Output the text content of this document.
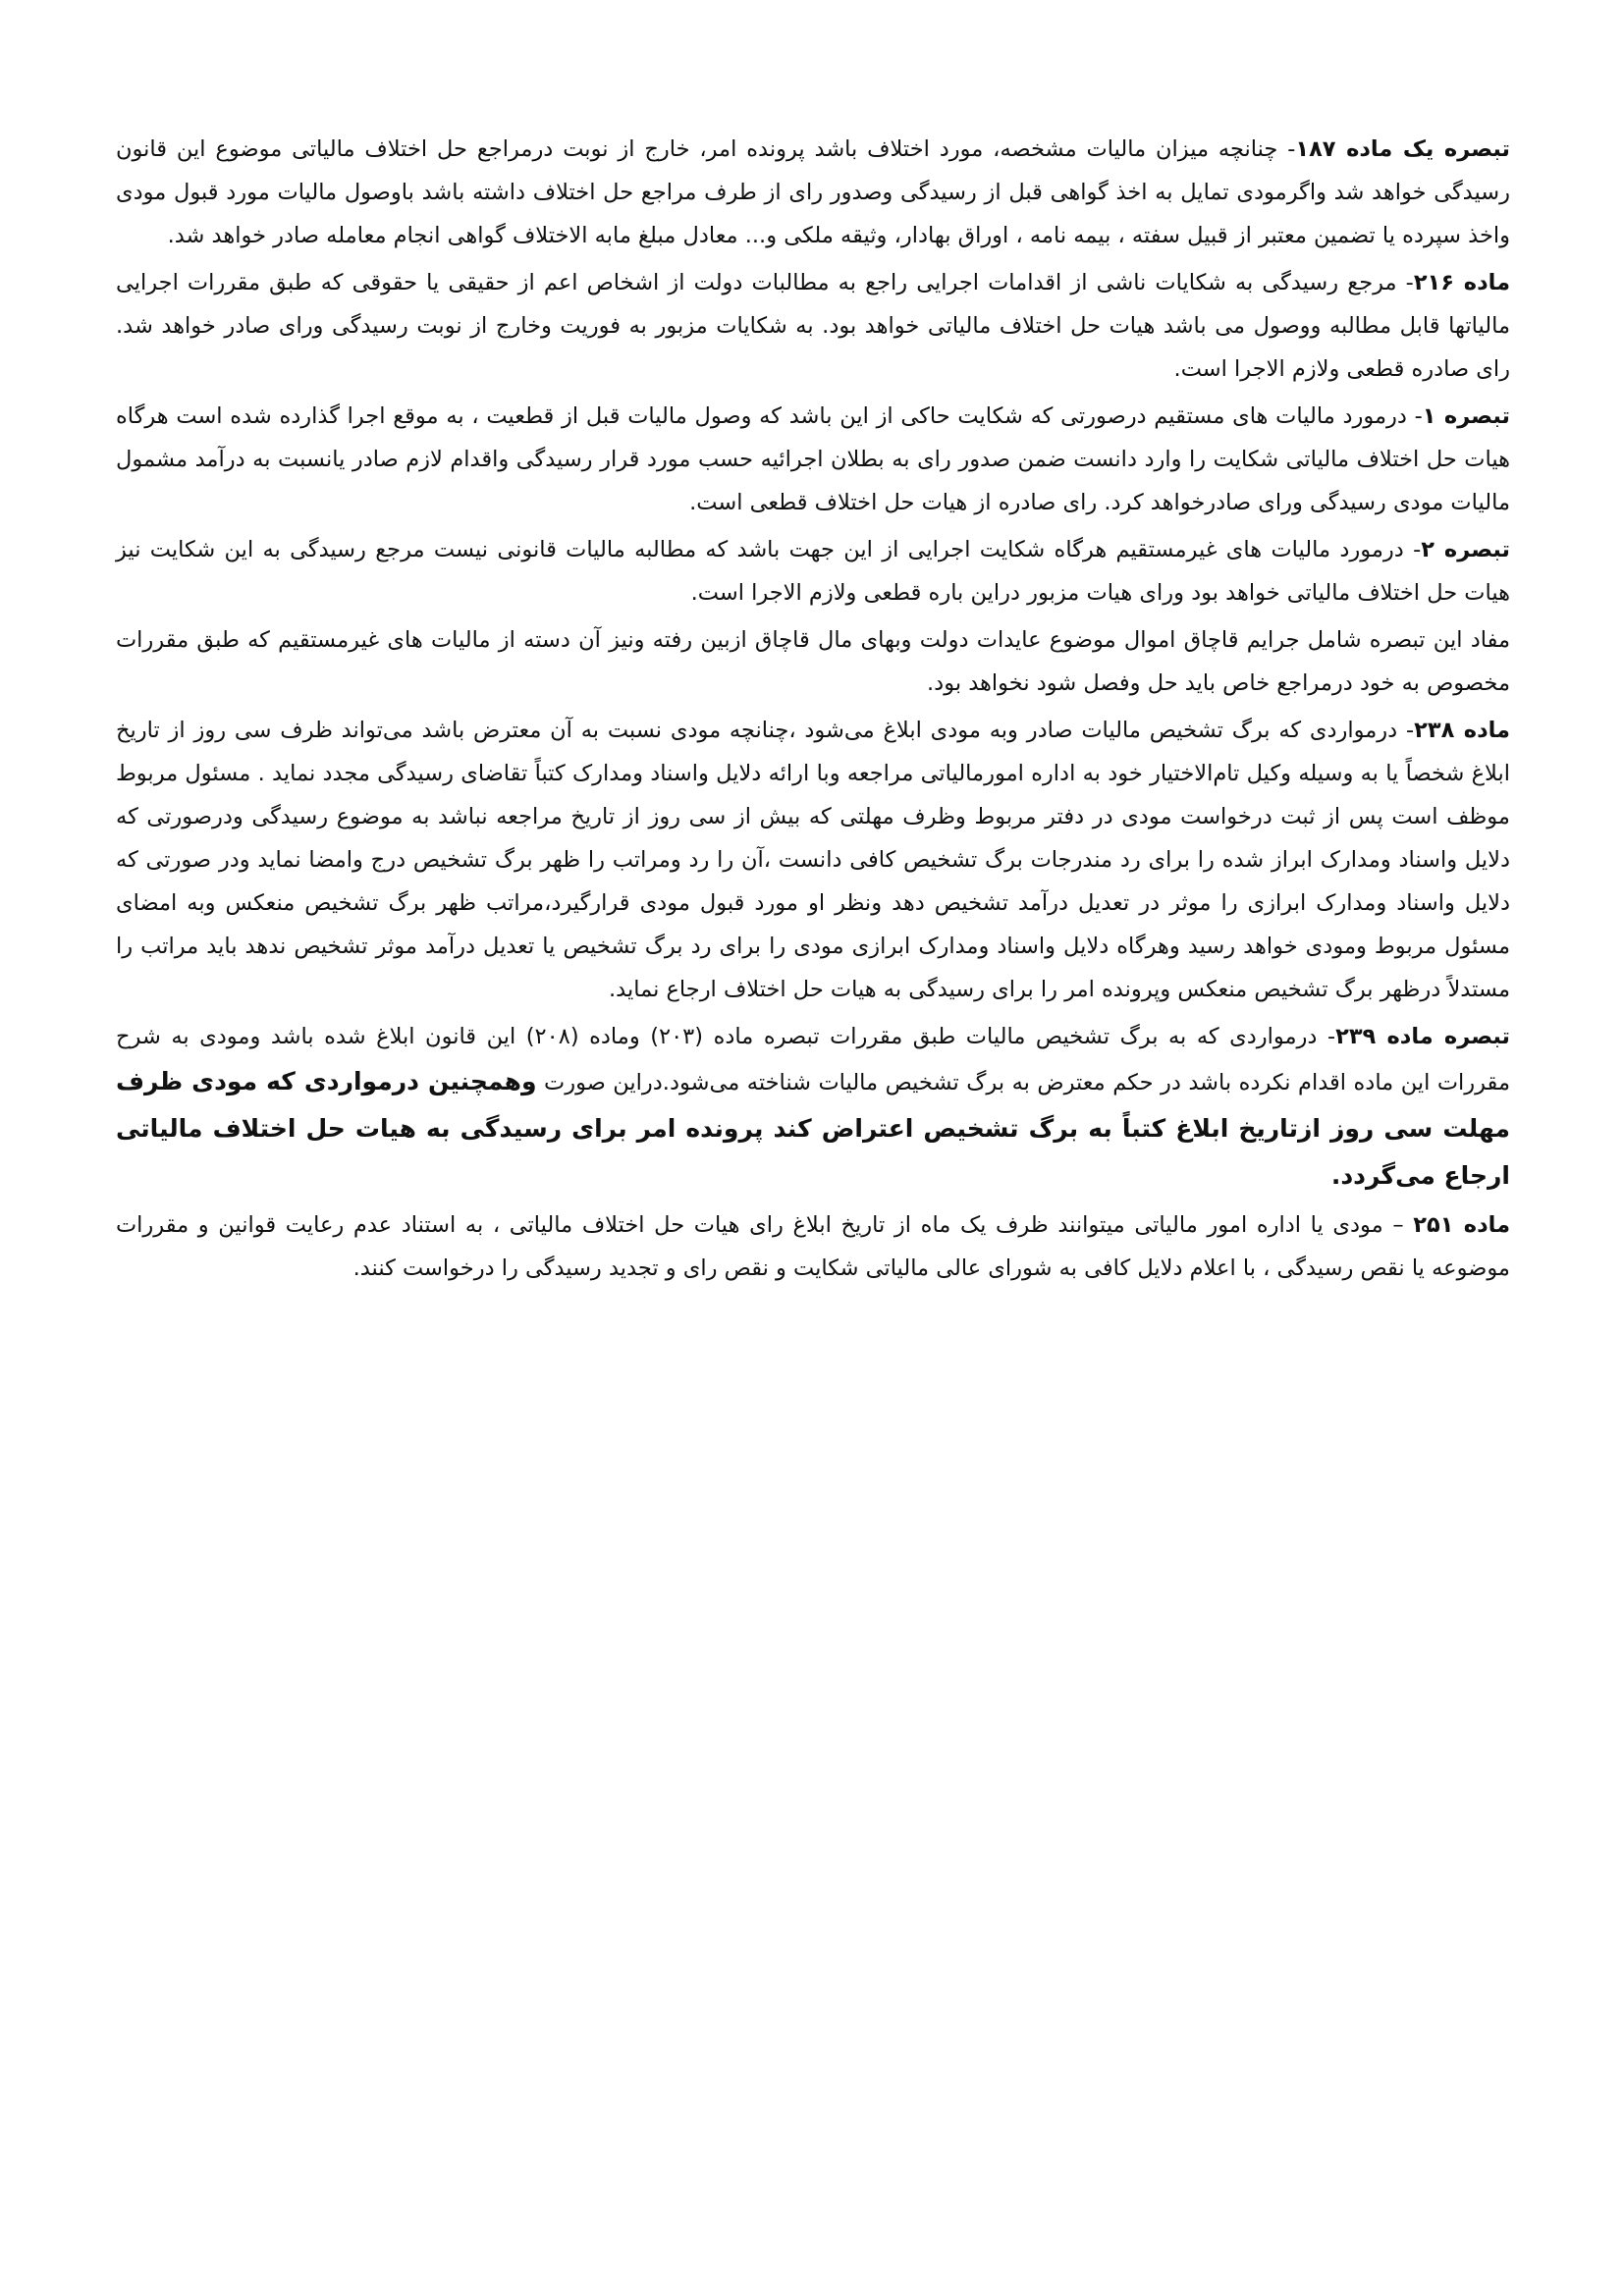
تبصره یک ماده ۱۸۷- چنانچه میزان مالیات مشخصه، مورد اختلاف باشد پرونده امر، خارج از نوبت درمراجع حل اختلاف مالیاتی موضوع این قانون رسیدگی خواهد شد واگرمودی تمایل به اخذ گواهی قبل از رسیدگی وصدور رای از طرف مراجع حل اختلاف داشته باشد باوصول مالیات مورد قبول مودی واخذ سپرده یا تضمین معتبر از قبیل سفته ، بیمه نامه ، اوراق بهادار، وثیقه ملکی و... معادل مبلغ مابه الاختلاف گواهی انجام معامله صادر خواهد شد.

ماده ۲۱۶- مرجع رسیدگی به شکایات ناشی از اقدامات اجرایی راجع به مطالبات دولت از اشخاص اعم از حقیقی یا حقوقی که طبق مقررات اجرایی مالیاتها قابل مطالبه ووصول می باشد هیات حل اختلاف مالیاتی خواهد بود. به شکایات مزبور به فوریت وخارج از نوبت رسیدگی ورای صادر خواهد شد. رای صادره قطعی ولازم الاجرا است.

تبصره ۱- درمورد مالیات های مستقیم درصورتی که شکایت حاکی از این باشد که وصول مالیات قبل از قطعیت ، به موقع اجرا گذارده شده است هرگاه هیات حل اختلاف مالیاتی شکایت را وارد دانست ضمن صدور رای به بطلان اجرائیه حسب مورد قرار رسیدگی واقدام لازم صادر یانسبت به درآمد مشمول مالیات مودی رسیدگی ورای صادرخواهد کرد. رای صادره از هیات حل اختلاف قطعی است.

تبصره ۲- درمورد مالیات های غیرمستقیم هرگاه شکایت اجرایی از این جهت باشد که مطالبه مالیات قانونی نیست مرجع رسیدگی به این شکایت نیز هیات حل اختلاف مالیاتی خواهد بود ورای هیات مزبور دراین باره قطعی ولازم الاجرا است.

مفاد این تبصره شامل جرایم قاچاق اموال موضوع عایدات دولت وبهای مال قاچاق ازبین رفته ونیز آن دسته از مالیات های غیرمستقیم که طبق مقررات مخصوص به خود درمراجع خاص باید حل وفصل شود نخواهد بود.

ماده ۲۳۸- درمواردی که برگ تشخیص مالیات صادر وبه مودی ابلاغ می‌شود ،چنانچه مودی نسبت به آن معترض باشد می‌تواند ظرف سی روز از تاریخ ابلاغ شخصاً یا به وسیله وکیل تام‌الاختیار خود به اداره امورمالیاتی مراجعه وبا ارائه دلایل واسناد ومدارک کتباً تقاضای رسیدگی مجدد نماید . مسئول مربوط موظف است پس از ثبت درخواست مودی در دفتر مربوط وظرف مهلتی که بیش از سی روز از تاریخ مراجعه نباشد به موضوع رسیدگی ودرصورتی که دلایل واسناد ومدارک ابراز شده را برای رد مندرجات برگ تشخیص کافی دانست ،آن را رد ومراتب را ظهر برگ تشخیص درج وامضا نماید ودر صورتی که دلایل واسناد ومدارک ابرازی را موثر در تعدیل درآمد تشخیص دهد ونظر او مورد قبول مودی قرارگیرد،مراتب ظهر برگ تشخیص منعکس وبه امضای مسئول مربوط ومودی خواهد رسید وهرگاه دلایل واسناد ومدارک ابرازی مودی را برای رد برگ تشخیص یا تعدیل درآمد موثر تشخیص ندهد باید مراتب را مستدلاً درظهر برگ تشخیص منعکس وپرونده امر را برای رسیدگی به هیات حل اختلاف ارجاع نماید.

تبصره ماده ۲۳۹- درمواردی که به برگ تشخیص مالیات طبق مقررات تبصره ماده (۲۰۳) وماده (۲۰۸) این قانون ابلاغ شده باشد ومودی به شرح مقررات این ماده اقدام نکرده باشد در حکم معترض به برگ تشخیص مالیات شناخته می‌شود.دراین صورت وهمچنین درمواردی که مودی ظرف مهلت سی روز ازتاریخ ابلاغ کتباً به برگ تشخیص اعتراض کند پرونده امر برای رسیدگی به هیات حل اختلاف مالیاتی ارجاع می‌گردد.

ماده ۲۵۱ – مودی یا اداره امور مالیاتی میتوانند ظرف یک ماه از تاریخ ابلاغ رای هیات حل اختلاف مالیاتی ، به استناد عدم رعایت قوانین و مقررات موضوعه یا نقص رسیدگی ، با اعلام دلایل کافی به شورای عالی مالیاتی شکایت و نقص رای و تجدید رسیدگی را درخواست کنند.
